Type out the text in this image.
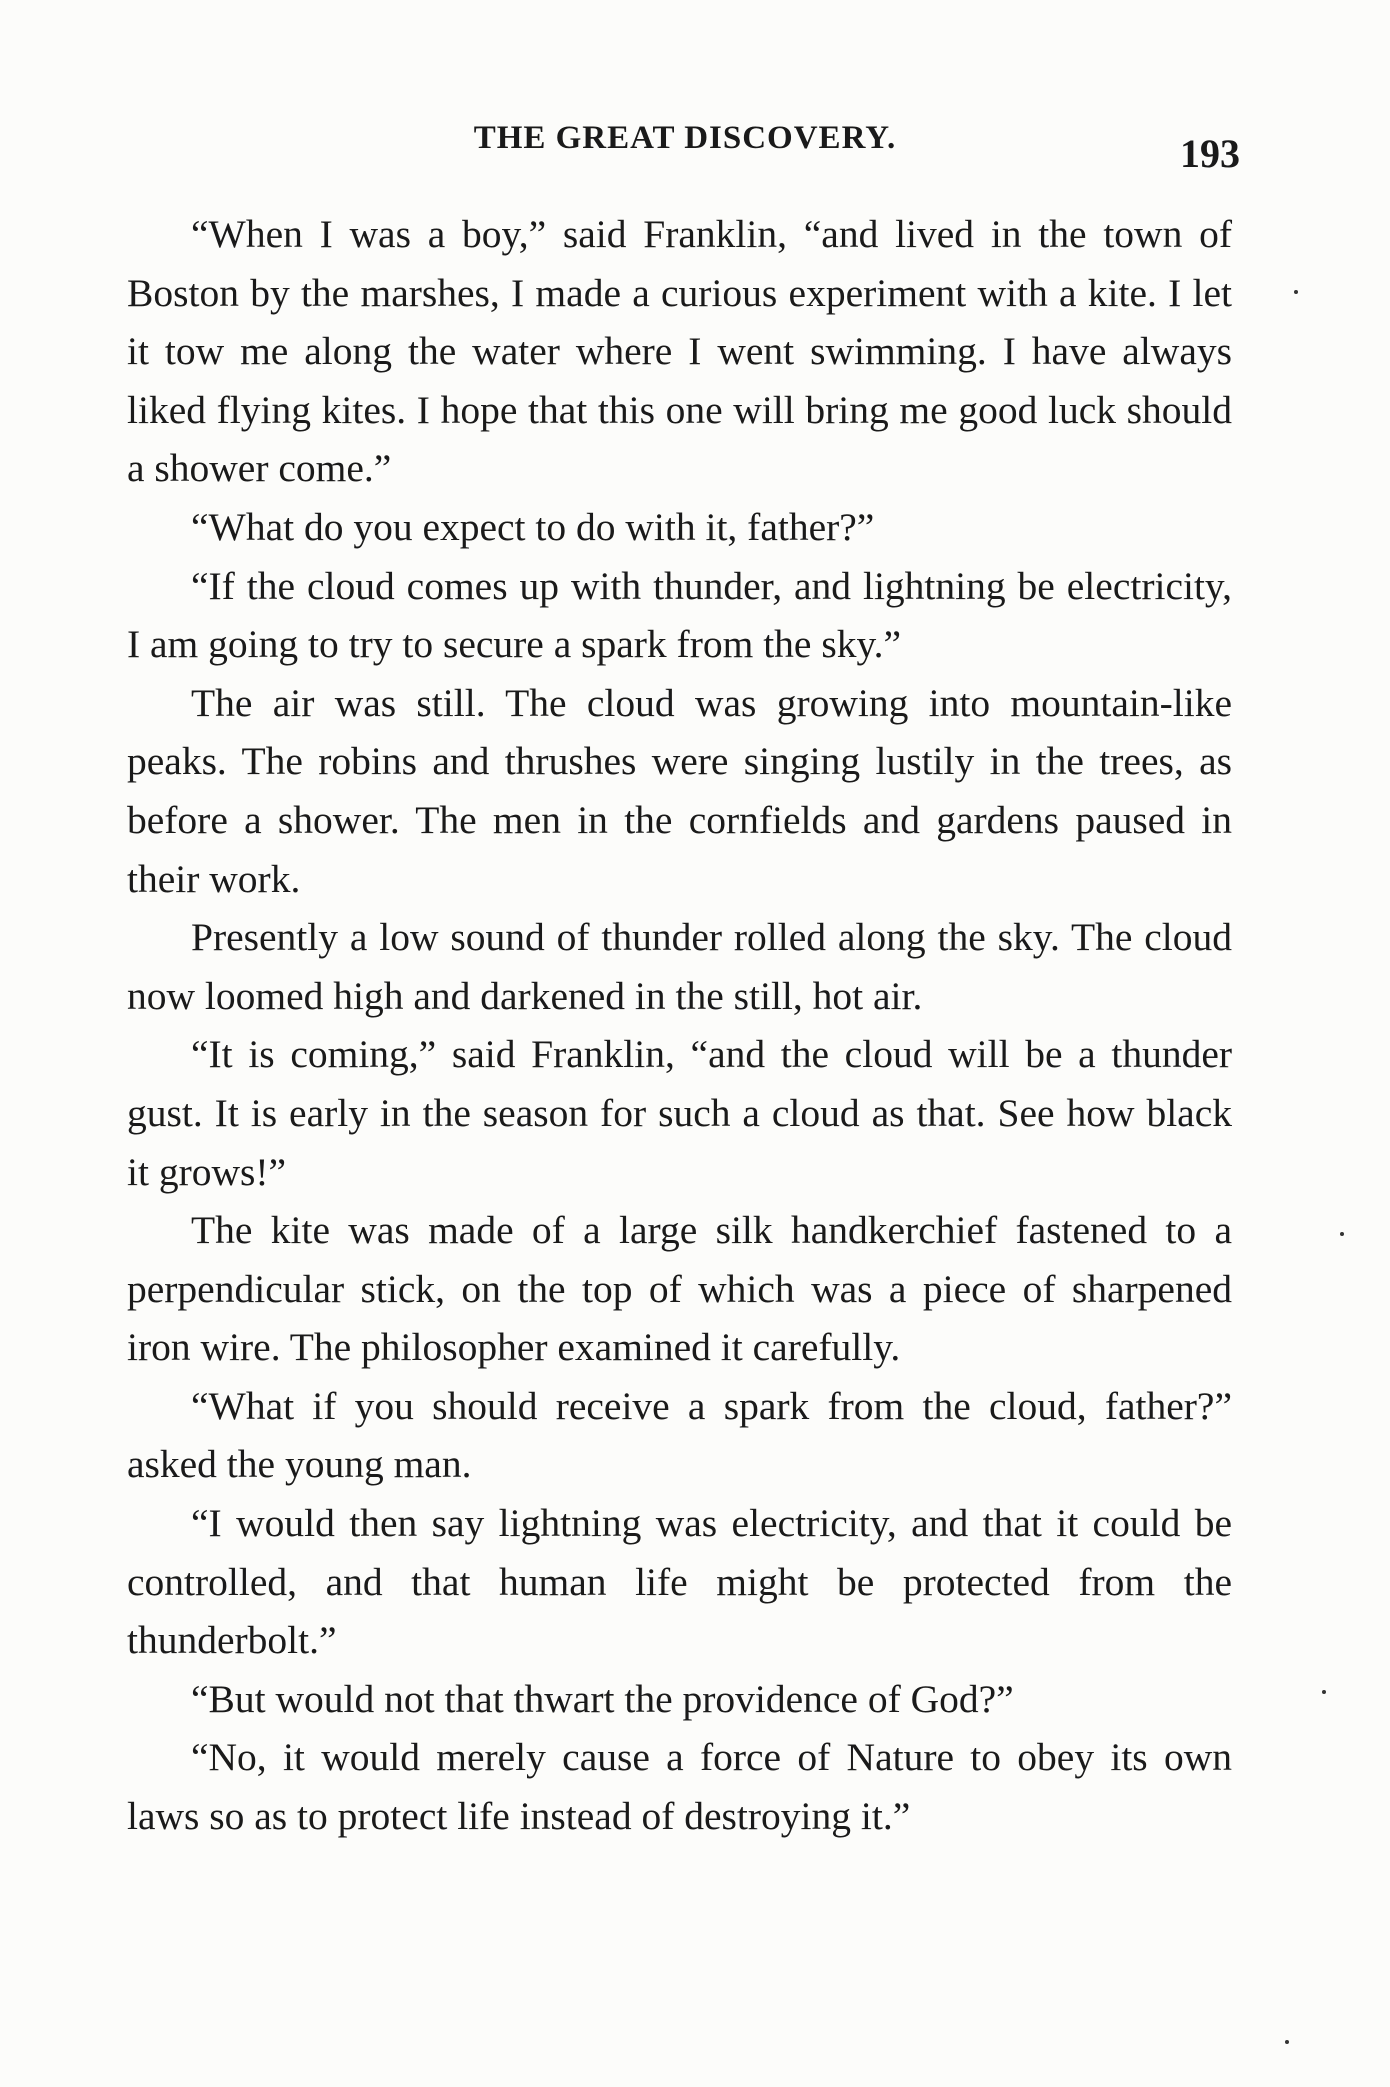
THE GREAT DISCOVERY.	193

“When I was a boy,” said Franklin, “and lived in the town of Boston by the marshes, I made a curious experiment with a kite. I let it tow me along the water where I went swimming. I have always liked flying kites. I hope that this one will bring me good luck should a shower come.”

“What do you expect to do with it, father?”

“If the cloud comes up with thunder, and lightning be electricity, I am going to try to secure a spark from the sky.”

The air was still. The cloud was growing into mountain-like peaks. The robins and thrushes were singing lustily in the trees, as before a shower. The men in the cornfields and gardens paused in their work.

Presently a low sound of thunder rolled along the sky. The cloud now loomed high and darkened in the still, hot air.

“It is coming,” said Franklin, “and the cloud will be a thunder gust. It is early in the season for such a cloud as that. See how black it grows!”

The kite was made of a large silk handkerchief fastened to a perpendicular stick, on the top of which was a piece of sharpened iron wire. The philosopher examined it carefully.

“What if you should receive a spark from the cloud, father?” asked the young man.

“I would then say lightning was electricity, and that it could be controlled, and that human life might be protected from the thunderbolt.”

“But would not that thwart the providence of God?”

“No, it would merely cause a force of Nature to obey its own laws so as to protect life instead of destroying it.”
